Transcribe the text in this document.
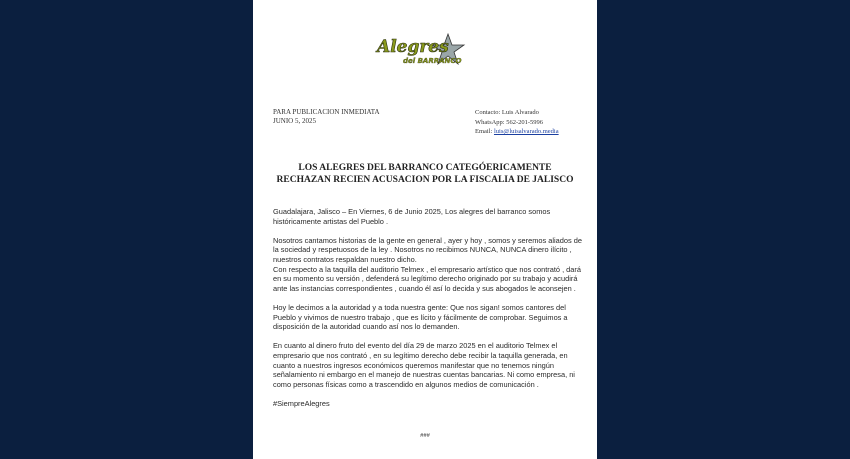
Alegres
del BARRANCO
PARA PUBLICACION INMEDIATA
JUNIO 5, 2025
Contacto: Luis Alvarado
WhatsApp: 562-201-5996
Email: luis@luisalvarado.media
LOS ALEGRES DEL BARRANCO CATEGÓERICAMENTE RECHAZAN RECIEN ACUSACION POR LA FISCALIA DE JALISCO

Guadalajara, Jalisco – En Viernes, 6 de Junio 2025, Los alegres del barranco somos históricamente artistas del Pueblo .

Nosotros cantamos historias de la gente en general , ayer y hoy , somos y seremos aliados de la sociedad y respetuosos de la ley . Nosotros no recibimos NUNCA, NUNCA dinero ilícito , nuestros contratos respaldan nuestro dicho.
Con respecto a la taquilla del auditorio Telmex , el empresario artístico que nos contrató , dará en su momento su versión , defenderá su legítimo derecho originado por su trabajo y acudirá ante las instancias correspondientes , cuando él así lo decida y sus abogados le aconsejen .

Hoy le decimos a la autoridad y a toda nuestra gente: Que nos sigan! somos cantores del Pueblo y vivimos de nuestro trabajo , que es lícito y fácilmente de comprobar. Seguimos a disposición de la autoridad cuando así nos lo demanden.

En cuanto al dinero fruto del evento del día 29 de marzo 2025 en el auditorio Telmex el empresario que nos contrató , en su legítimo derecho debe recibir la taquilla generada, en cuanto a nuestros ingresos económicos queremos manifestar que no tenemos ningún señalamiento ni embargo en el manejo de nuestras cuentas bancarias. Ni como empresa, ni como personas físicas como a trascendido en algunos medios de comunicación .

#SiempreAlegres

###
